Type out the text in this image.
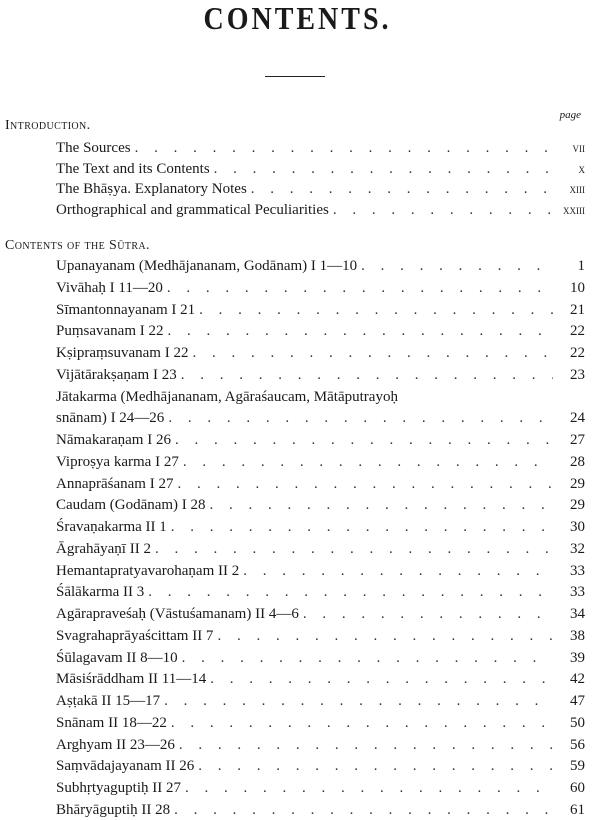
CONTENTS.
page
Introduction.
The Sources . . .	vii
The Text and its Contents . . .	x
The Bhāṣya. Explanatory Notes . . .	xiii
Orthographical and grammatical Peculiarities . . .	xxiii
Contents of the Sūtra.
Upanayanam (Medhājananam, Godānam) I 1—10 . . .	1
Vivāhaḥ I 11—20 . . .	10
Sīmantonnayanam I 21 . . .	21
Puṃsavanam I 22 . . .	22
Kṣipraṃsuvanam I 22 . . .	22
Vijātārakṣaṇam I 23 . . .	23
Jātakarma (Medhājananam, Agāraśaucam, Mātāputrayoḥ
snānam) I 24—26 . . .	24
Nāmakaraṇam I 26 . . .	27
Viproṣya karma I 27 . . .	28
Annaprāśanam I 27 . . .	29
Caudam (Godānam) I 28 . . .	29
Śravaṇakarma II 1 . . .	30
Āgrahāyaṇī II 2 . . .	32
Hemantapratyavarohaṇam II 2 . . .	33
Śālākarma II 3 . . .	33
Agārapraveśaḥ (Vāstuśamanam) II 4—6 . . .	34
Svagrahaprāyaścittam II 7 . . .	38
Śūlagavam II 8—10 . . .	39
Māsiśrāddham II 11—14 . . .	42
Aṣṭakā II 15—17 . . .	47
Snānam II 18—22 . . .	50
Arghyam II 23—26 . . .	56
Saṃvādajayanam II 26 . . .	59
Subhṛtyaguptiḥ II 27 . . .	60
Bhāryāguptiḥ II 28 . . .	61
